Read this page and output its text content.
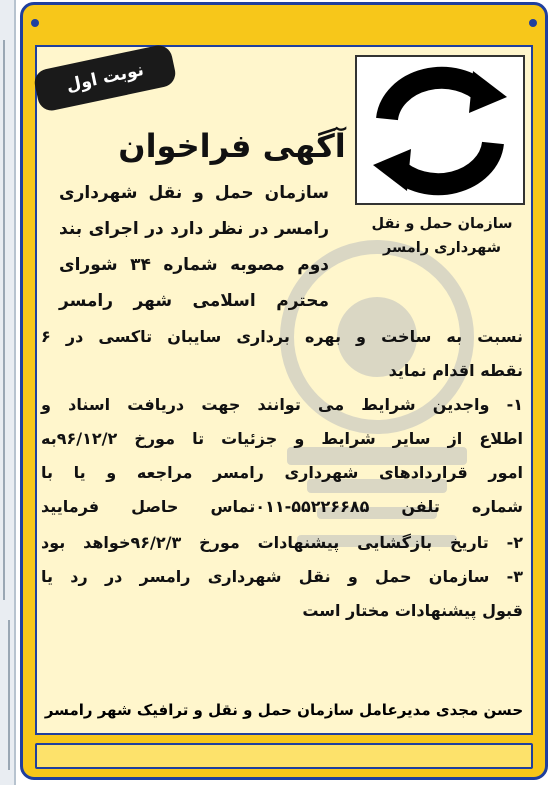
سازمان حمل و نقل
شهرداری رامسر
آگهی فراخوان
سازمان حمل و نقل شهرداری
رامسر در نظر دارد در اجرای بند
دوم مصوبه شماره ۳۴ شورای
محترم اسلامی شهر رامسر
نسبت به ساخت و بهره برداری سایبان تاکسی در ۶
نقطه اقدام نماید
۱- واجدین شرایط می توانند جهت دریافت اسناد و
اطلاع از سایر شرایط و جزئیات تا مورخ ۹۶/۱۲/۲به
امور قراردادهای شهرداری رامسر مراجعه و یا با
شماره تلفن ۵۵۲۲۶۶۸۵-۰۱۱تماس حاصل فرمایید
۲- تاریخ بازگشایی پیشنهادات مورخ ۹۶/۲/۳خواهد بود
۳- سازمان حمل و نقل شهرداری رامسر در رد یا
قبول پیشنهادات مختار است
حسن مجدی مدیرعامل سازمان حمل و نقل و ترافیک شهر رامسر
نوبت اول
